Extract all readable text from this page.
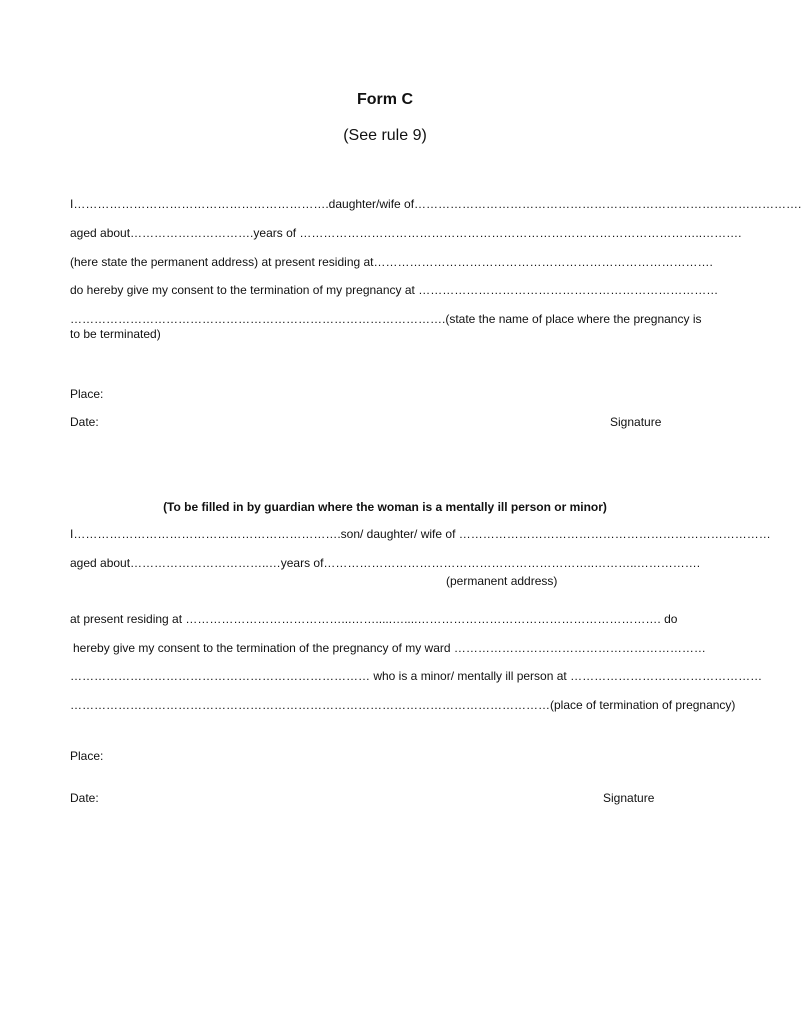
Form C
(See rule 9)
I……………………………………………………….daughter/wife of…………………………………………………………………………………….
aged about………………………….years of ………………………………………………………………………………………..……….
(here state the permanent address) at present residing at………………………………………………………………………….
do hereby give my consent to the termination of my pregnancy at …………………………………………………………………
………………………………………………………………………………….(state the name of place where the pregnancy is to be terminated)
Place:
Date:	Signature
(To be filled in by guardian where the woman is a mentally ill person or minor)
I………………………………………………………….son/ daughter/ wife of ……………………………………………………………………
aged about……………………………..…years of…………………………………………………………..………..…………….
(permanent address)
at present residing at …………………………………...…….....…....……………………………………………………. do
hereby give my consent to the termination of the pregnancy of my ward ………………………………………………………
………………………………………………………………… who is a minor/ mentally ill person at …………………………………………
…………………………………………………………………………………………………………(place of termination of pregnancy)
Place:
Date:	Signature
